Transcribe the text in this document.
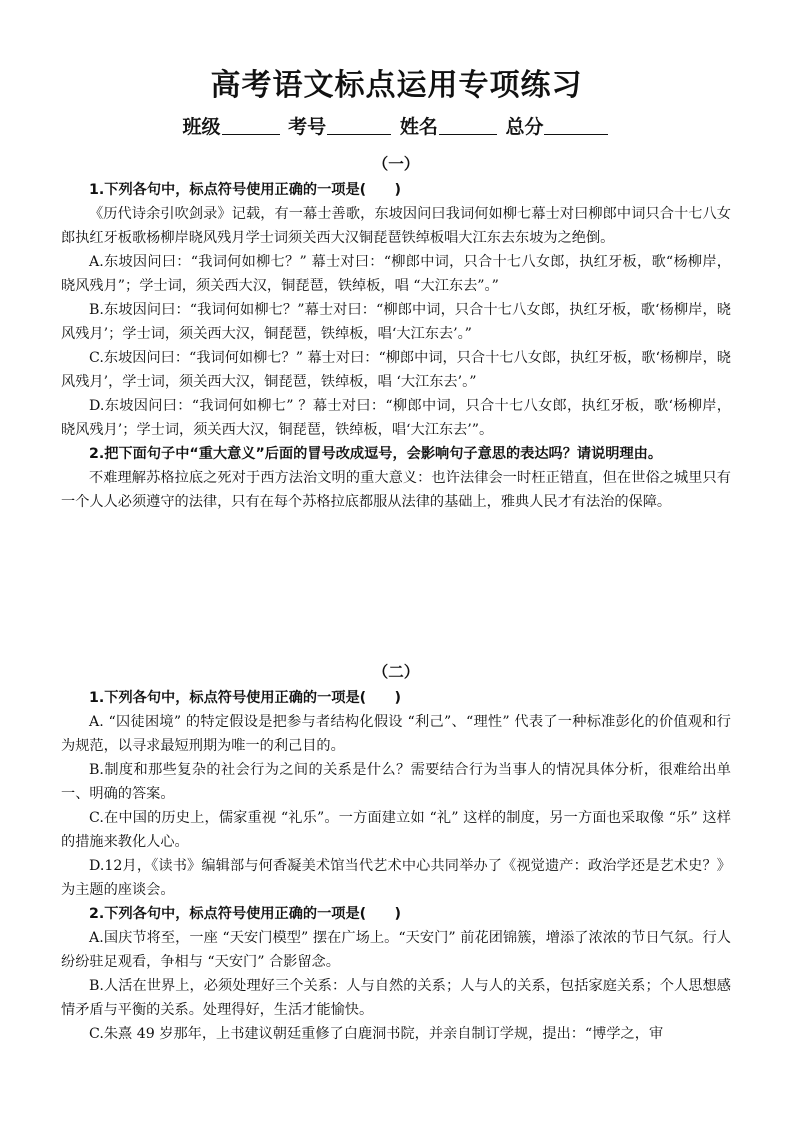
高考语文标点运用专项练习
班级	考号	姓名	总分
（一）

1.下列各句中，标点符号使用正确的一项是(　　)

《历代诗余引吹剑录》记载，有一幕士善歌，东坡因问曰我词何如柳七幕士对曰柳郎中词只合十七八女郎执红牙板歌杨柳岸晓风残月学士词须关西大汉铜琵琶铁绰板唱大江东去东坡为之绝倒。

A.东坡因问曰：“我词何如柳七？” 幕士对曰：“柳郎中词，只合十七八女郎，执红牙板，歌“杨柳岸，晓风残月”；学士词，须关西大汉，铜琵琶，铁绰板，唱 “大江东去”。”

B.东坡因问曰：“我词何如柳七？”幕士对曰：“柳郎中词，只合十七八女郎，执红牙板，歌‘杨柳岸，晓风残月’；学士词，须关西大汉，铜琵琶，铁绰板，唱‘大江东去’。”

C.东坡因问曰：“我词何如柳七？” 幕士对曰：“柳郎中词，只合十七八女郎，执红牙板，歌‘杨柳岸，晓风残月’，学士词，须关西大汉，铜琵琶，铁绰板，唱 ‘大江东去’。”

D.东坡因问曰：“我词何如柳七” ？幕士对曰：“柳郎中词，只合十七八女郎，执红牙板，歌‘杨柳岸，晓风残月’；学士词，须关西大汉，铜琵琶，铁绰板，唱‘大江东去’”。

2.把下面句子中“重大意义”后面的冒号改成逗号，会影响句子意思的表达吗？请说明理由。

不难理解苏格拉底之死对于西方法治文明的重大意义：也许法律会一时枉正错直，但在世俗之城里只有一个人人必须遵守的法律，只有在每个苏格拉底都服从法律的基础上，雅典人民才有法治的保障。

（二）

1.下列各句中，标点符号使用正确的一项是(　　)

A. “囚徒困境” 的特定假设是把参与者结构化假设 “利己”、“理性” 代表了一种标准彭化的价值观和行为规范，以寻求最短刑期为唯一的利己目的。

B.制度和那些复杂的社会行为之间的关系是什么？需要结合行为当事人的情况具体分析，很难给出单一、明确的答案。

C.在中国的历史上，儒家重视 “礼乐”。一方面建立如 “礼” 这样的制度，另一方面也采取像 “乐” 这样的措施来教化人心。

D.12月，《读书》编辑部与何香凝美术馆当代艺术中心共同举办了《视觉遗产：政治学还是艺术史？》为主题的座谈会。

2.下列各句中，标点符号使用正确的一项是(　　)

A.国庆节将至，一座 “天安门模型” 摆在广场上。“天安门” 前花团锦簇，增添了浓浓的节日气氛。行人纷纷驻足观看，争相与 “天安门” 合影留念。

B.人活在世界上，必须处理好三个关系：人与自然的关系；人与人的关系，包括家庭关系；个人思想感情矛盾与平衡的关系。处理得好，生活才能愉快。

C.朱熹 49 岁那年，上书建议朝廷重修了白鹿洞书院，并亲自制订学规，提出：“博学之，审
